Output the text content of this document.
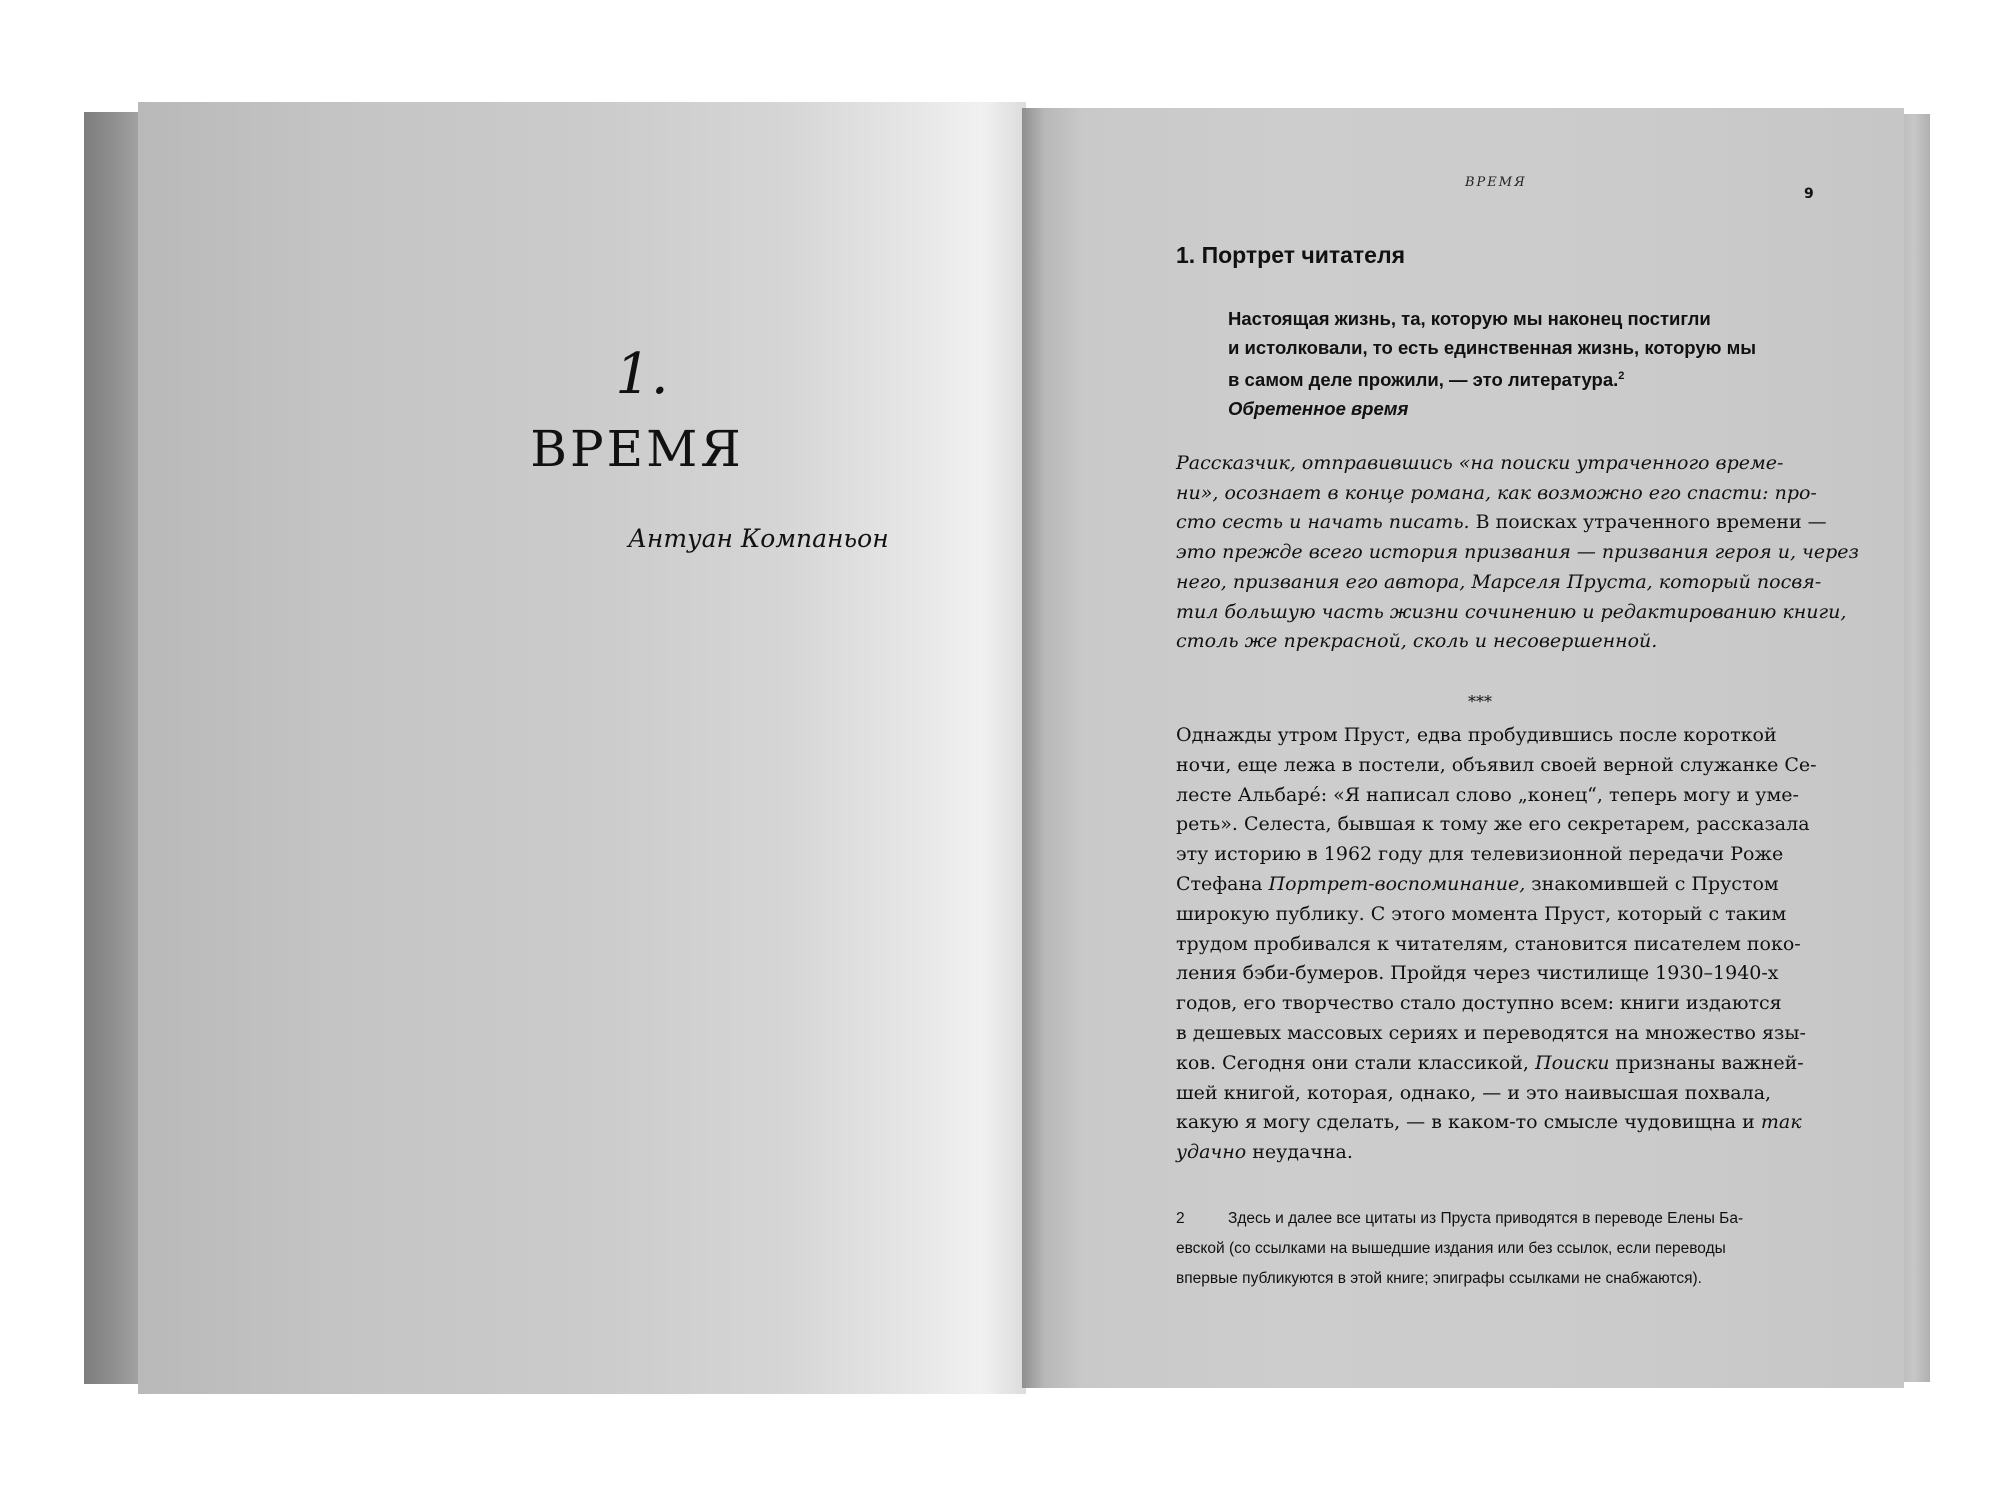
1.
ВРЕМЯ
Антуан Компаньон
ВРЕМЯ
9
1. Портрет читателя
Настоящая жизнь, та, которую мы наконец постигли
и истолковали, то есть единственная жизнь, которую мы
в самом деле прожили, — это литература.$^2$
Обретенное время
Рассказчик, отправившись «на поиски утраченного време-
ни», осознает в конце романа, как возможно его спасти: про-
сто сесть и начать писать. В поисках утраченного времени —
это прежде всего история призвания — призвания героя и, через
него, призвания его автора, Марселя Пруста, который посвя-
тил большую часть жизни сочинению и редактированию книги,
столь же прекрасной, сколь и несовершенной.
***
Однажды утром Пруст, едва пробудившись после короткой
ночи, еще лежа в постели, объявил своей верной служанке Се-
лесте Альбаре́: «Я написал слово „конец“, теперь могу и уме-
реть». Селеста, бывшая к тому же его секретарем, рассказала
эту историю в 1962 году для телевизионной передачи Роже
Стефана Портрет-воспоминание, знакомившей с Прустом
широкую публику. С этого момента Пруст, который с таким
трудом пробивался к читателям, становится писателем поко-
ления бэби-бумеров. Пройдя через чистилище 1930–1940-х
годов, его творчество стало доступно всем: книги издаются
в дешевых массовых сериях и переводятся на множество язы-
ков. Сегодня они стали классикой, Поиски признаны важней-
шей книгой, которая, однако, — и это наивысшая похвала,
какую я могу сделать, — в каком-то смысле чудовищна и так
удачно неудачна.
2	Здесь и далее все цитаты из Пруста приводятся в переводе Елены Ба-
евской (со ссылками на вышедшие издания или без ссылок, если переводы
впервые публикуются в этой книге; эпиграфы ссылками не снабжаются).
